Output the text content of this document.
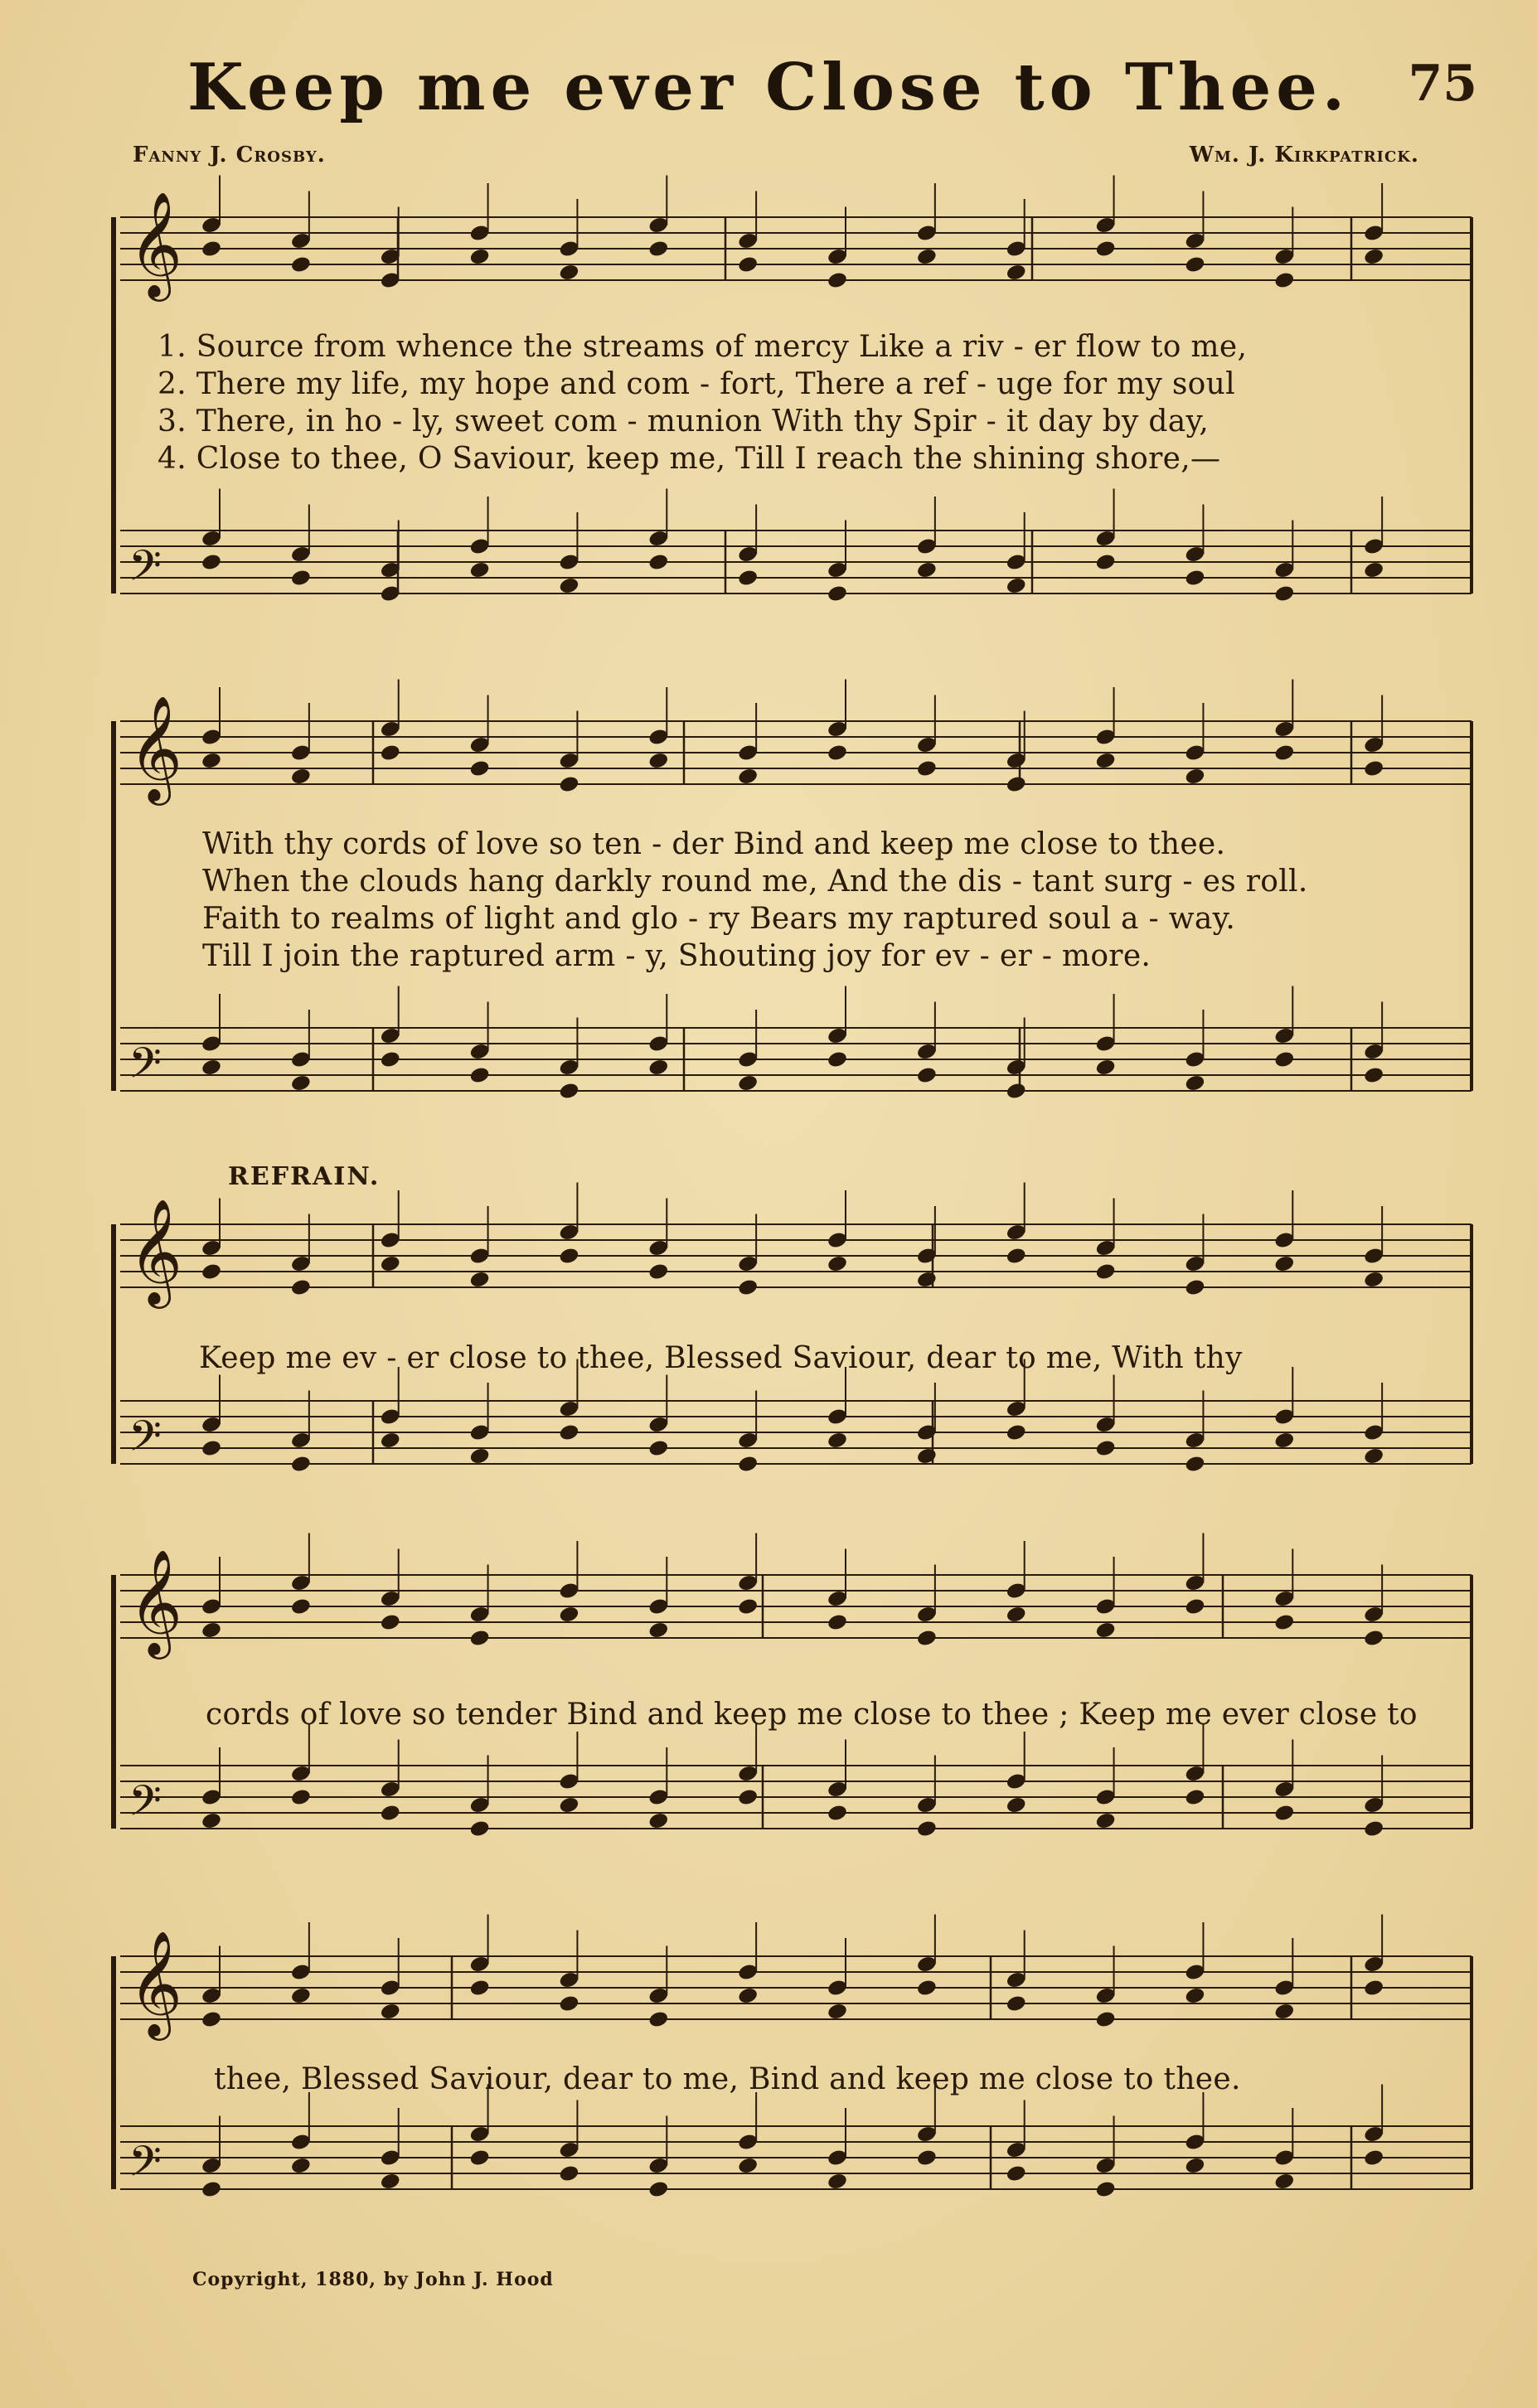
Keep me ever Close to Thee.	75
Fanny J. Crosby.	Wm. J. Kirkpatrick.
𝄞
𝄢
𝄞
𝄢
𝄞
𝄢
𝄞
𝄢
𝄞
𝄢
1. Source from whence the streams of mercy Like a riv - er flow to me,
2. There my life, my hope and com - fort, There a ref - uge for my soul
3. There, in ho - ly, sweet com - munion With thy Spir - it day by day,
4. Close to thee, O Saviour, keep me, Till I reach the shining shore,—
With thy cords of love so ten - der Bind and keep me close to thee.
When the clouds hang darkly round me, And the dis - tant surg - es roll.
Faith to realms of light and glo - ry Bears my raptured soul a - way.
Till I join the raptured arm - y, Shouting joy for ev - er - more.
REFRAIN.
Keep me ev - er close to thee, Blessed Saviour, dear to me, With thy
cords of love so tender Bind and keep me close to thee ; Keep me ever close to
thee, Blessed Saviour, dear to me, Bind and keep me close to thee.
Copyright, 1880, by John J. Hood
